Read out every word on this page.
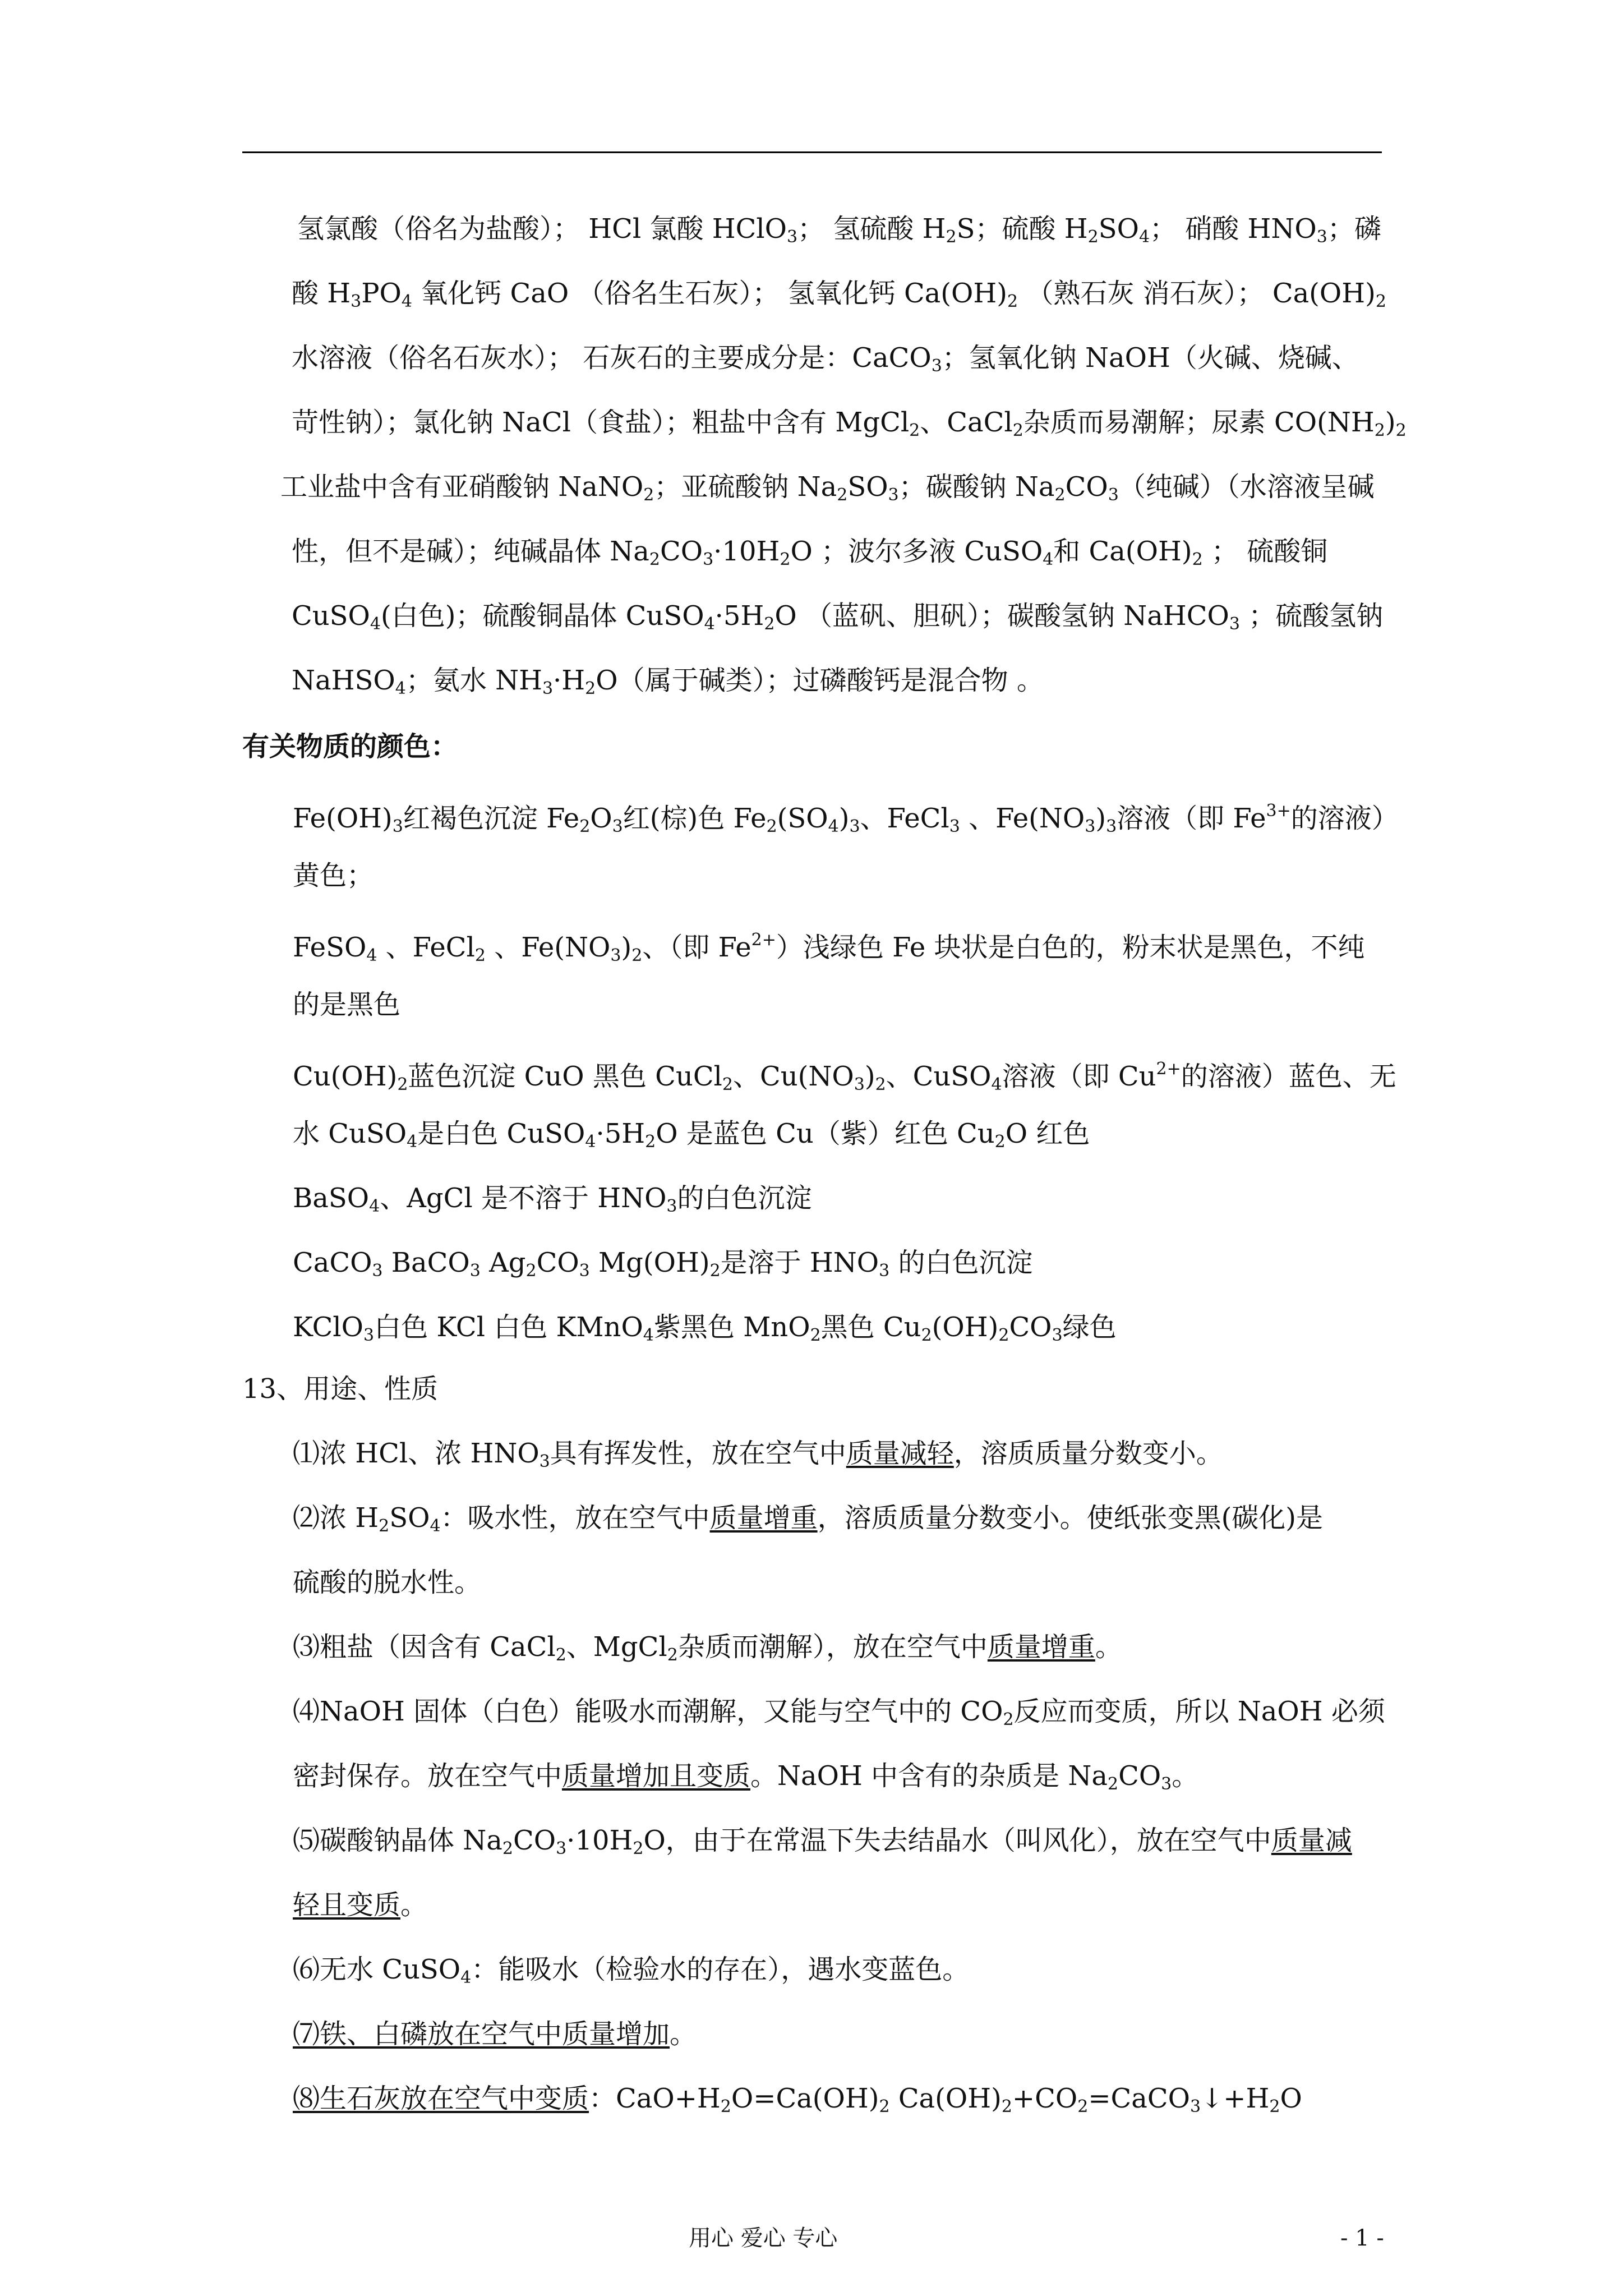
氢氯酸（俗名为盐酸）； HCl 氯酸 HClO3； 氢硫酸 H2S；硫酸 H2SO4； 硝酸 HNO3；磷
酸 H3PO4 氧化钙 CaO （俗名生石灰）； 氢氧化钙 Ca(OH)2 （熟石灰 消石灰）； Ca(OH)2
水溶液（俗名石灰水）； 石灰石的主要成分是：CaCO3；氢氧化钠 NaOH（火碱、烧碱、
苛性钠）；氯化钠 NaCl（食盐）；粗盐中含有 MgCl2、CaCl2杂质而易潮解；尿素 CO(NH2)2
工业盐中含有亚硝酸钠 NaNO2；亚硫酸钠 Na2SO3；碳酸钠 Na2CO3（纯碱）（水溶液呈碱
性，但不是碱）；纯碱晶体 Na2CO3·10H2O ；波尔多液 CuSO4和 Ca(OH)2 ； 硫酸铜
CuSO4(白色)；硫酸铜晶体 CuSO4·5H2O （蓝矾、胆矾）；碳酸氢钠 NaHCO3 ；硫酸氢钠
NaHSO4；氨水 NH3·H2O（属于碱类）；过磷酸钙是混合物 。
有关物质的颜色：
Fe(OH)3红褐色沉淀 Fe2O3红(棕)色 Fe2(SO4)3、FeCl3 、Fe(NO3)3溶液（即 $Fe^{3+}$的溶液）
黄色；
FeSO4 、FeCl2 、Fe(NO3)2、（即 $Fe^{2+}$）浅绿色 Fe 块状是白色的，粉末状是黑色，不纯
的是黑色
Cu(OH)2蓝色沉淀 CuO 黑色 CuCl2、Cu(NO3)2、CuSO4溶液（即 $Cu^{2+}$的溶液）蓝色、无
水 CuSO4是白色 CuSO4·5H2O 是蓝色 Cu（紫）红色 Cu2O 红色
BaSO4、AgCl 是不溶于 HNO3的白色沉淀
CaCO3 BaCO3 Ag2CO3 Mg(OH)2是溶于 HNO3 的白色沉淀
KClO3白色 KCl 白色 KMnO4紫黑色 MnO2黑色 Cu2(OH)2CO3绿色
13、用途、性质
⑴浓 HCl、浓 HNO3具有挥发性，放在空气中质量减轻，溶质质量分数变小。
⑵浓 H2SO4：吸水性，放在空气中质量增重，溶质质量分数变小。使纸张变黑(碳化)是
硫酸的脱水性。
⑶粗盐（因含有 CaCl2、MgCl2杂质而潮解），放在空气中质量增重。
⑷NaOH 固体（白色）能吸水而潮解，又能与空气中的 CO2反应而变质，所以 NaOH 必须
密封保存。放在空气中质量增加且变质。NaOH 中含有的杂质是 Na2CO3。
⑸碳酸钠晶体 Na2CO3·10H2O，由于在常温下失去结晶水（叫风化），放在空气中质量减
轻且变质。
⑹无水 CuSO4：能吸水（检验水的存在），遇水变蓝色。
⑺铁、白磷放在空气中质量增加。
⑻生石灰放在空气中变质：CaO+H2O=Ca(OH)2 Ca(OH)2+CO2=CaCO3↓+H2O
用心 爱心 专心	- 1 -
